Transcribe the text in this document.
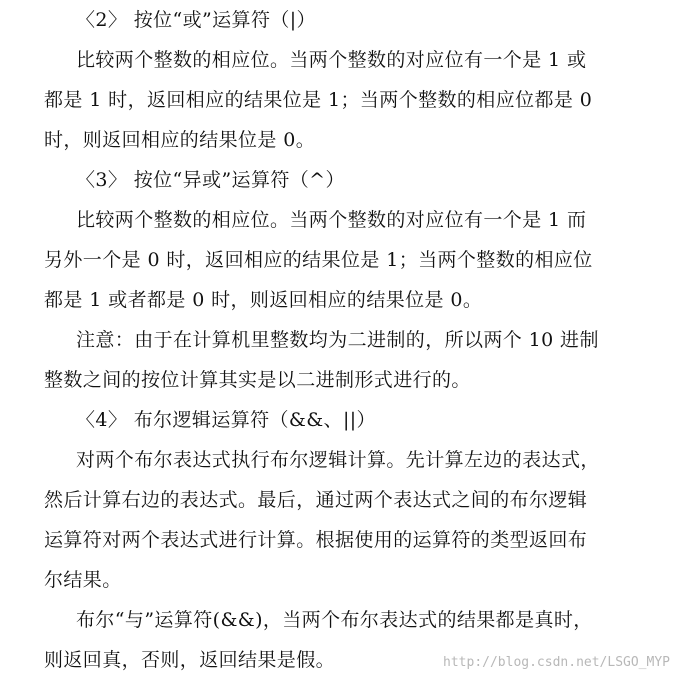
〈2〉 按位“或”运算符（|）
比较两个整数的相应位。当两个整数的对应位有一个是 1 或
都是 1 时，返回相应的结果位是 1；当两个整数的相应位都是 0
时，则返回相应的结果位是 0。
〈3〉 按位“异或”运算符（^）
比较两个整数的相应位。当两个整数的对应位有一个是 1 而
另外一个是 0 时，返回相应的结果位是 1；当两个整数的相应位
都是 1 或者都是 0 时，则返回相应的结果位是 0。
注意：由于在计算机里整数均为二进制的，所以两个 10 进制
整数之间的按位计算其实是以二进制形式进行的。
〈4〉 布尔逻辑运算符（&&、||）
对两个布尔表达式执行布尔逻辑计算。先计算左边的表达式，
然后计算右边的表达式。最后，通过两个表达式之间的布尔逻辑
运算符对两个表达式进行计算。根据使用的运算符的类型返回布
尔结果。
布尔“与”运算符(&&)，当两个布尔表达式的结果都是真时，
则返回真，否则，返回结果是假。	http://blog.csdn.net/LSGO_MYP
